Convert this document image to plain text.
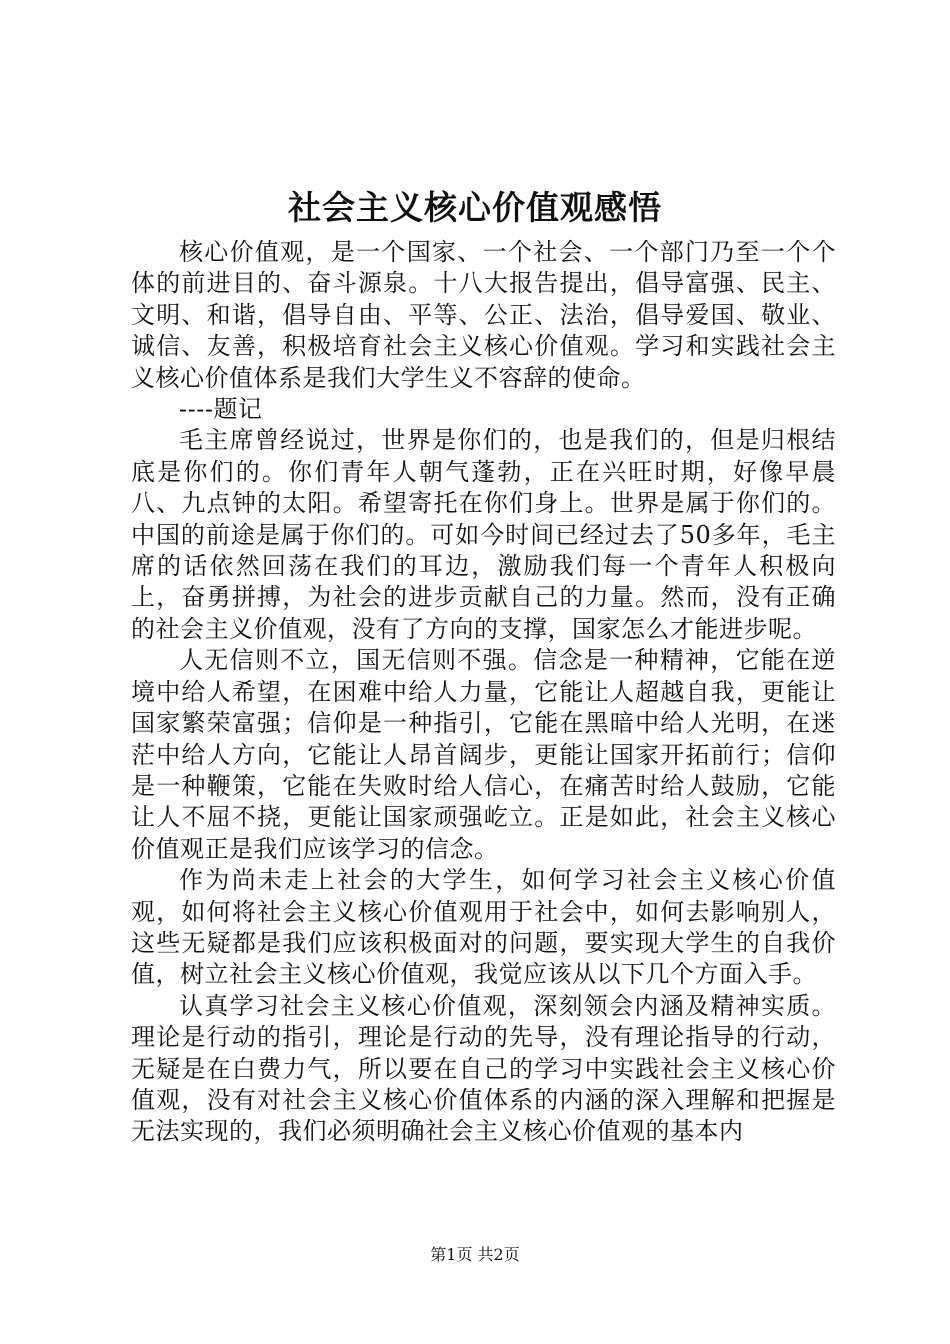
社会主义核心价值观感悟

核心价值观，是一个国家、一个社会、一个部门乃至一个个体的前进目的、奋斗源泉。十八大报告提出，倡导富强、民主、文明、和谐，倡导自由、平等、公正、法治，倡导爱国、敬业、诚信、友善，积极培育社会主义核心价值观。学习和实践社会主义核心价值体系是我们大学生义不容辞的使命。

----题记

毛主席曾经说过，世界是你们的，也是我们的，但是归根结底是你们的。你们青年人朝气蓬勃，正在兴旺时期，好像早晨八、九点钟的太阳。希望寄托在你们身上。世界是属于你们的。中国的前途是属于你们的。可如今时间已经过去了50多年，毛主席的话依然回荡在我们的耳边，激励我们每一个青年人积极向上，奋勇拼搏，为社会的进步贡献自己的力量。然而，没有正确的社会主义价值观，没有了方向的支撑，国家怎么才能进步呢。

人无信则不立，国无信则不强。信念是一种精神，它能在逆境中给人希望，在困难中给人力量，它能让人超越自我，更能让国家繁荣富强；信仰是一种指引，它能在黑暗中给人光明，在迷茫中给人方向，它能让人昂首阔步，更能让国家开拓前行；信仰是一种鞭策，它能在失败时给人信心，在痛苦时给人鼓励，它能让人不屈不挠，更能让国家顽强屹立。正是如此，社会主义核心价值观正是我们应该学习的信念。

作为尚未走上社会的大学生，如何学习社会主义核心价值观，如何将社会主义核心价值观用于社会中，如何去影响别人，这些无疑都是我们应该积极面对的问题，要实现大学生的自我价值，树立社会主义核心价值观，我觉应该从以下几个方面入手。

认真学习社会主义核心价值观，深刻领会内涵及精神实质。理论是行动的指引，理论是行动的先导，没有理论指导的行动，无疑是在白费力气，所以要在自己的学习中实践社会主义核心价值观，没有对社会主义核心价值体系的内涵的深入理解和把握是无法实现的，我们必须明确社会主义核心价值观的基本内

第1页 共2页
